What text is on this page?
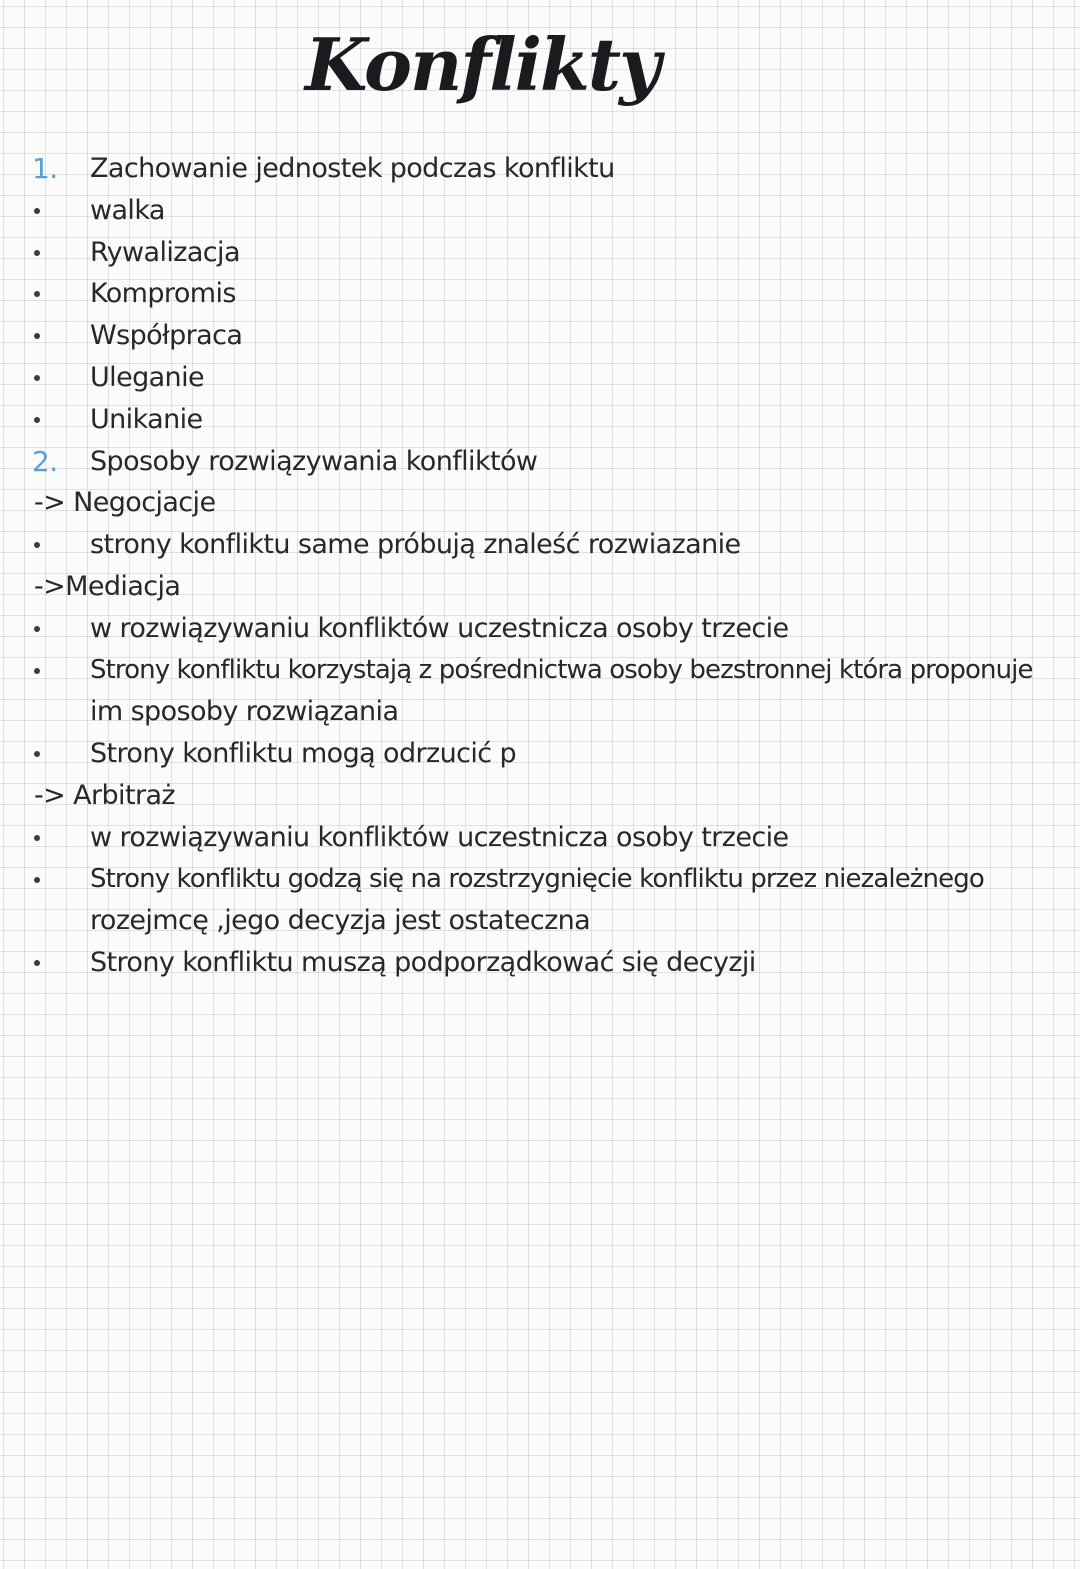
Konflikty
1.	Zachowanie jednostek podczas konfliktu
walka
Rywalizacja
Kompromis
Współpraca
Uleganie
Unikanie
2.	Sposoby rozwiązywania konfliktów
-> Negocjacje
strony konfliktu same próbują znaleść rozwiazanie
->Mediacja
w rozwiązywaniu konfliktów uczestnicza osoby trzecie
Strony konfliktu korzystają z pośrednictwa osoby bezstronnej która proponuje
im sposoby rozwiązania
Strony konfliktu mogą odrzucić p
-> Arbitraż
w rozwiązywaniu konfliktów uczestnicza osoby trzecie
Strony konfliktu godzą się na rozstrzygnięcie konfliktu przez niezależnego
rozejmcę ,jego decyzja jest ostateczna
Strony konfliktu muszą podporządkować się decyzji
